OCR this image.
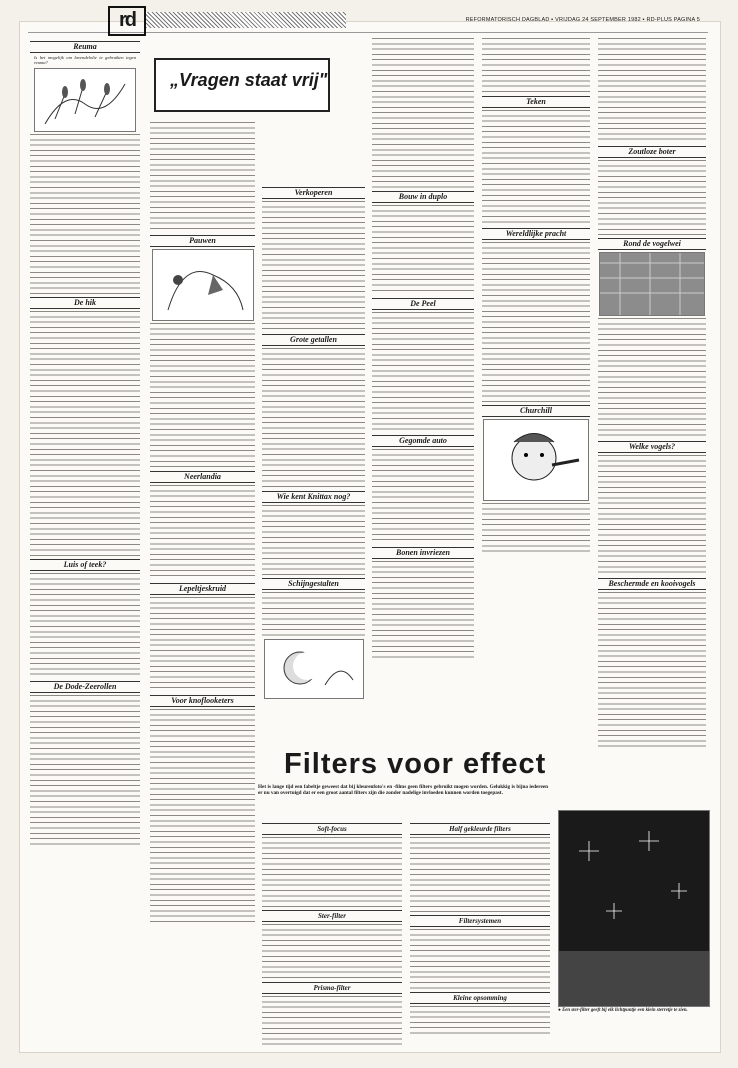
rd	REFORMATORISCH DAGBLAD ▪ VRIJDAG 24 SEPTEMBER 1982 ▪ RD-PLUS PAGINA 5
Reuma
Is het mogelijk om lavendelolie te gebruiken tegen reuma?
De hik
Luis of teek?
De Dode-Zeerollen
„Vragen staat vrij"
Pauwen
Neerlandia
Lepeltjeskruid
Voor knoflooketers
Verkoperen
Grote getallen
Wie kent Knittax nog?
Schijngestalten
Bouw in duplo
De Peel
Gegomde auto
Bonen invriezen
Teken
Wereldlijke pracht
Churchill
Zoutloze boter
Rond de vogelwei
Welke vogels?
Beschermde en kooivogels
Filters voor effect
Het is lange tijd een fabeltje geweest dat bij kleurenfoto's en -films geen filters gebruikt mogen worden. Gelukkig is bijna iedereen er nu van overtuigd dat er een groot aantal filters zijn die zonder nadelige invloeden kunnen worden toegepast.
Soft-focus
Ster-filter
Prisma-filter
Half gekleurde filters
Filtersystemen
Kleine opsomming
● Een ster-filter geeft bij elk lichtpuntje een klein sterretje te zien.
